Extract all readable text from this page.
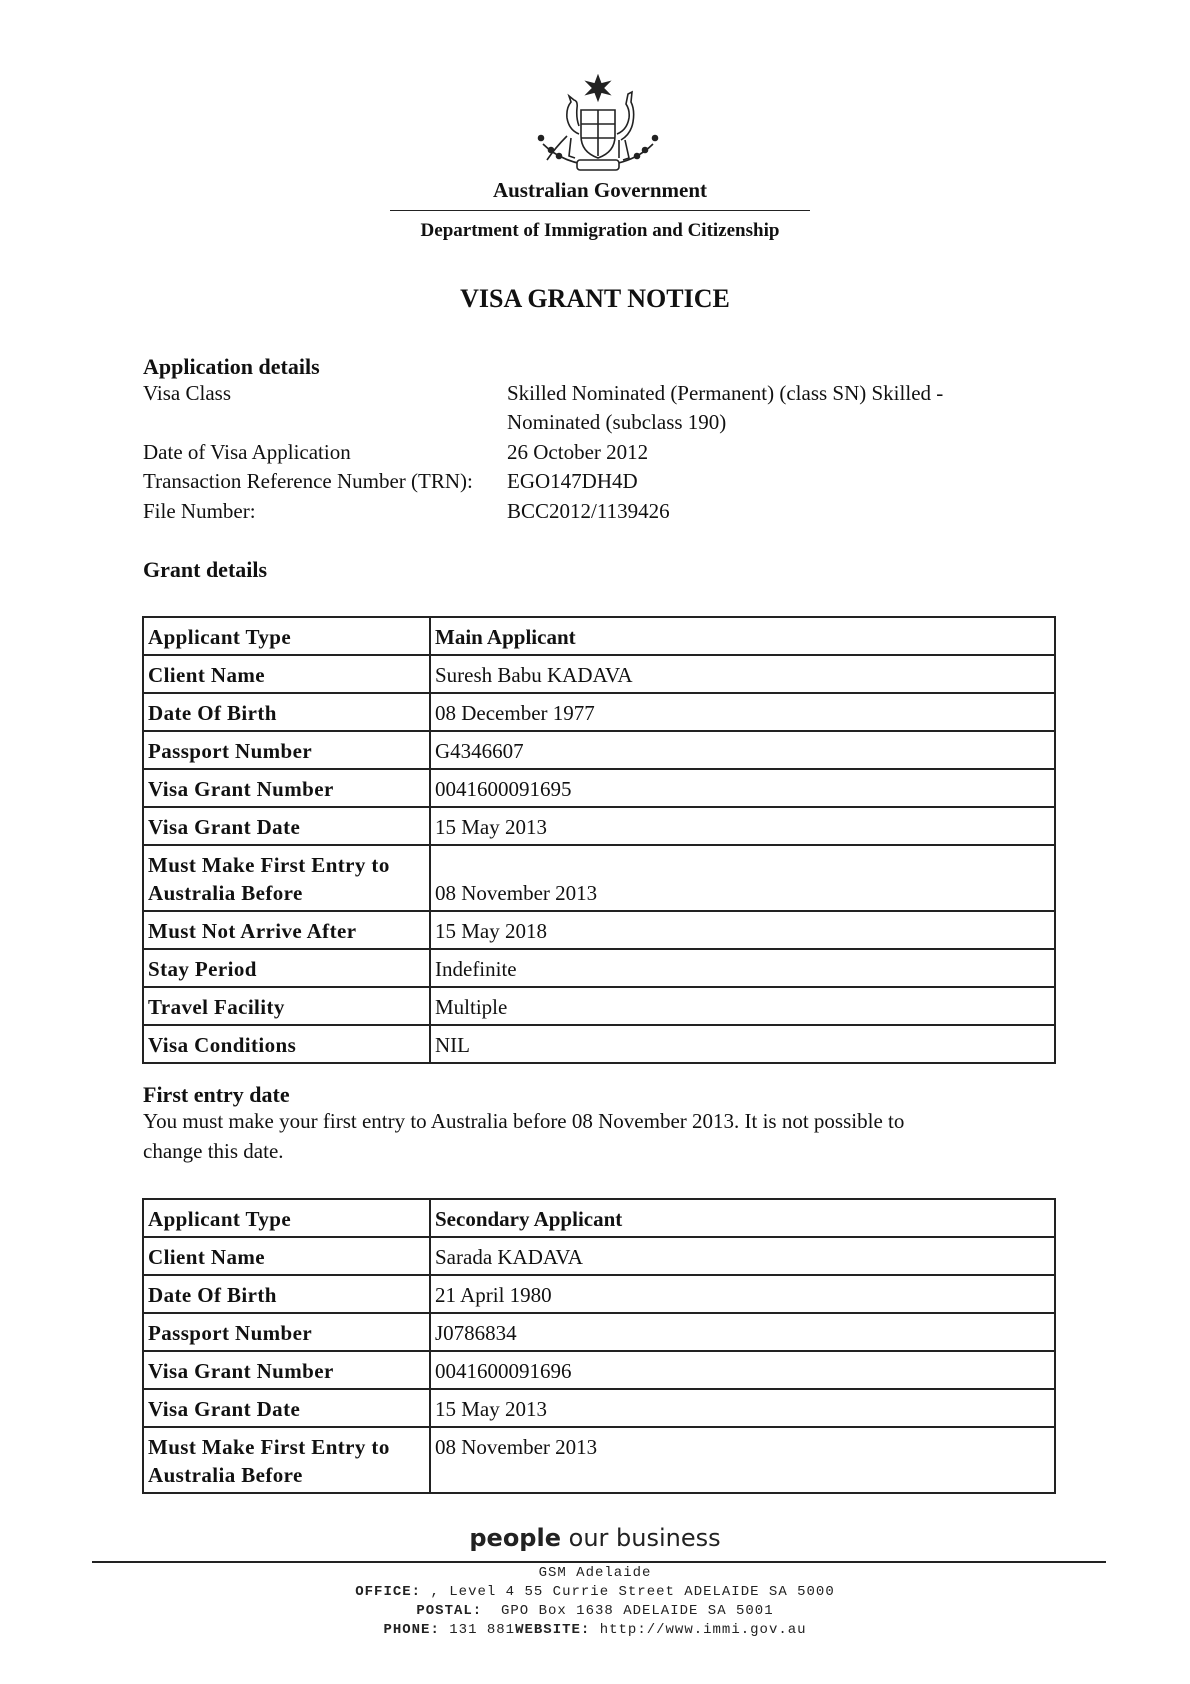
Australian Government
Department of Immigration and Citizenship
VISA GRANT NOTICE
Application details
Visa Class	Skilled Nominated (Permanent) (class SN) Skilled -
Nominated (subclass 190)
Date of Visa Application	26 October 2012
Transaction Reference Number (TRN): EGO147DH4D
File Number:	BCC2012/1139426
Grant details
Applicant Type	Main Applicant
Client Name	Suresh Babu KADAVA
Date Of Birth	08 December 1977
Passport Number	G4346607
Visa Grant Number	0041600091695
Visa Grant Date	15 May 2013

Must Make First Entry to
Australia Before	08 November 2013
Must Not Arrive After	15 May 2018
Stay Period	Indefinite
Travel Facility	Multiple
Visa Conditions	NIL
First entry date
You must make your first entry to Australia before 08 November 2013. It is not possible to
change this date.
Applicant Type	Secondary Applicant
Client Name	Sarada KADAVA
Date Of Birth	21 April 1980
Passport Number	J0786834
Visa Grant Number	0041600091696
Visa Grant Date	15 May 2013

Must Make First Entry to
Australia Before	08 November 2013
people our business
GSM Adelaide
OFFICE: , Level 4 55 Currie Street ADELAIDE SA 5000
POSTAL:  GPO Box 1638 ADELAIDE SA 5001
PHONE: 131 881WEBSITE: http://www.immi.gov.au
